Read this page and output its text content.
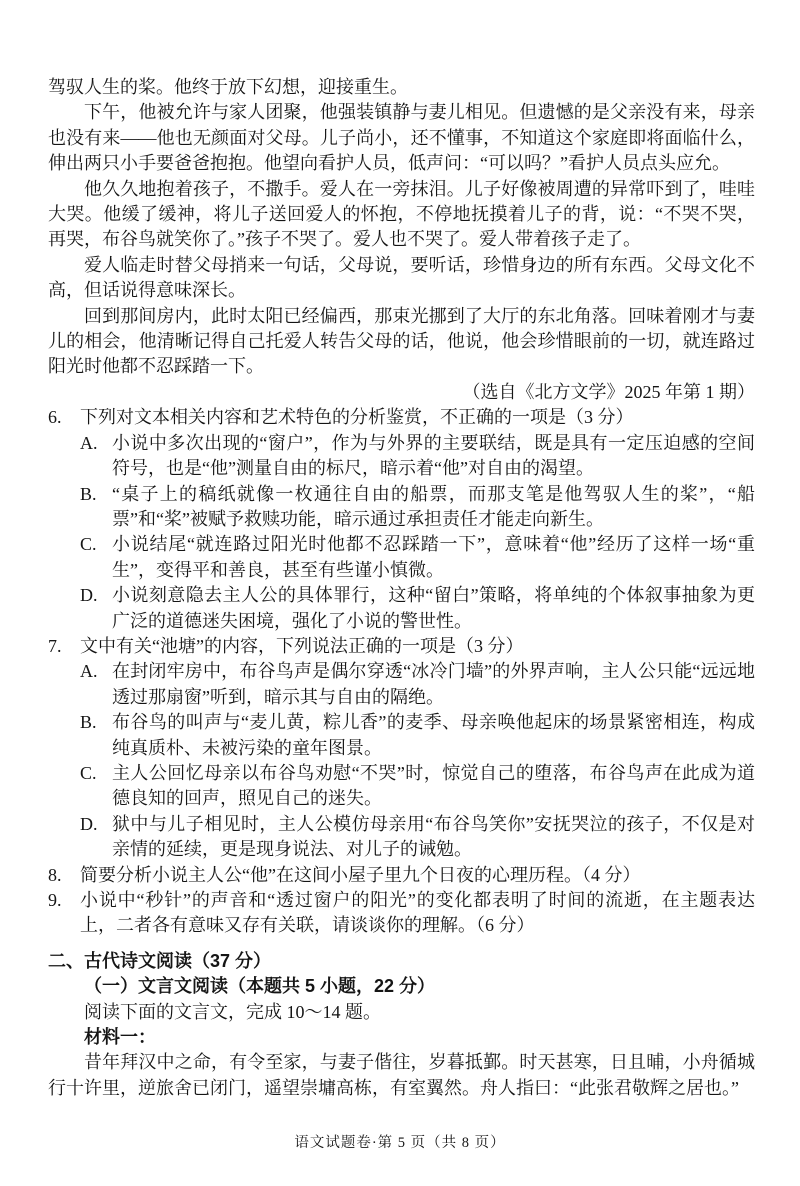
驾驭人生的桨。他终于放下幻想，迎接重生。

下午，他被允许与家人团聚，他强装镇静与妻儿相见。但遗憾的是父亲没有来，母亲也没有来——他也无颜面对父母。儿子尚小，还不懂事，不知道这个家庭即将面临什么，伸出两只小手要爸爸抱抱。他望向看护人员，低声问：“可以吗？”看护人员点头应允。

他久久地抱着孩子，不撒手。爱人在一旁抹泪。儿子好像被周遭的异常吓到了，哇哇大哭。他缓了缓神，将儿子送回爱人的怀抱，不停地抚摸着儿子的背，说：“不哭不哭，再哭，布谷鸟就笑你了。”孩子不哭了。爱人也不哭了。爱人带着孩子走了。

爱人临走时替父母捎来一句话，父母说，要听话，珍惜身边的所有东西。父母文化不高，但话说得意味深长。

回到那间房内，此时太阳已经偏西，那束光挪到了大厅的东北角落。回味着刚才与妻儿的相会，他清晰记得自己托爱人转告父母的话，他说，他会珍惜眼前的一切，就连路过阳光时他都不忍踩踏一下。

（选自《北方文学》2025 年第 1 期）

6. 下列对文本相关内容和艺术特色的分析鉴赏，不正确的一项是（3 分）
A. 小说中多次出现的“窗户”，作为与外界的主要联结，既是具有一定压迫感的空间符号，也是“他”测量自由的标尺，暗示着“他”对自由的渴望。
B. “桌子上的稿纸就像一枚通往自由的船票，而那支笔是他驾驭人生的桨”，“船票”和“桨”被赋予救赎功能，暗示通过承担责任才能走向新生。
C. 小说结尾“就连路过阳光时他都不忍踩踏一下”，意味着“他”经历了这样一场“重生”，变得平和善良，甚至有些谨小慎微。
D. 小说刻意隐去主人公的具体罪行，这种“留白”策略，将单纯的个体叙事抽象为更广泛的道德迷失困境，强化了小说的警世性。
7. 文中有关“池塘”的内容，下列说法正确的一项是（3 分）
A. 在封闭牢房中，布谷鸟声是偶尔穿透“冰冷门墙”的外界声响，主人公只能“远远地透过那扇窗”听到，暗示其与自由的隔绝。
B. 布谷鸟的叫声与“麦儿黄，粽儿香”的麦季、母亲唤他起床的场景紧密相连，构成纯真质朴、未被污染的童年图景。
C. 主人公回忆母亲以布谷鸟劝慰“不哭”时，惊觉自己的堕落，布谷鸟声在此成为道德良知的回声，照见自己的迷失。
D. 狱中与儿子相见时，主人公模仿母亲用“布谷鸟笑你”安抚哭泣的孩子，不仅是对亲情的延续，更是现身说法、对儿子的诫勉。
8. 简要分析小说主人公“他”在这间小屋子里九个日夜的心理历程。（4 分）
9. 小说中“秒针”的声音和“透过窗户的阳光”的变化都表明了时间的流逝，在主题表达上，二者各有意味又存有关联，请谈谈你的理解。（6 分）
二、古代诗文阅读（37 分）
（一）文言文阅读（本题共 5 小题，22 分）

阅读下面的文言文，完成 10～14 题。

材料一：

昔年拜汉中之命，有令至家，与妻子偕往，岁暮抵鄞。时天甚寒，日且晡，小舟循城行十许里，逆旅舍已闭门，遥望崇墉高栋，有室翼然。舟人指曰：“此张君敬辉之居也。”

语文试题卷·第 5 页（共 8 页）
